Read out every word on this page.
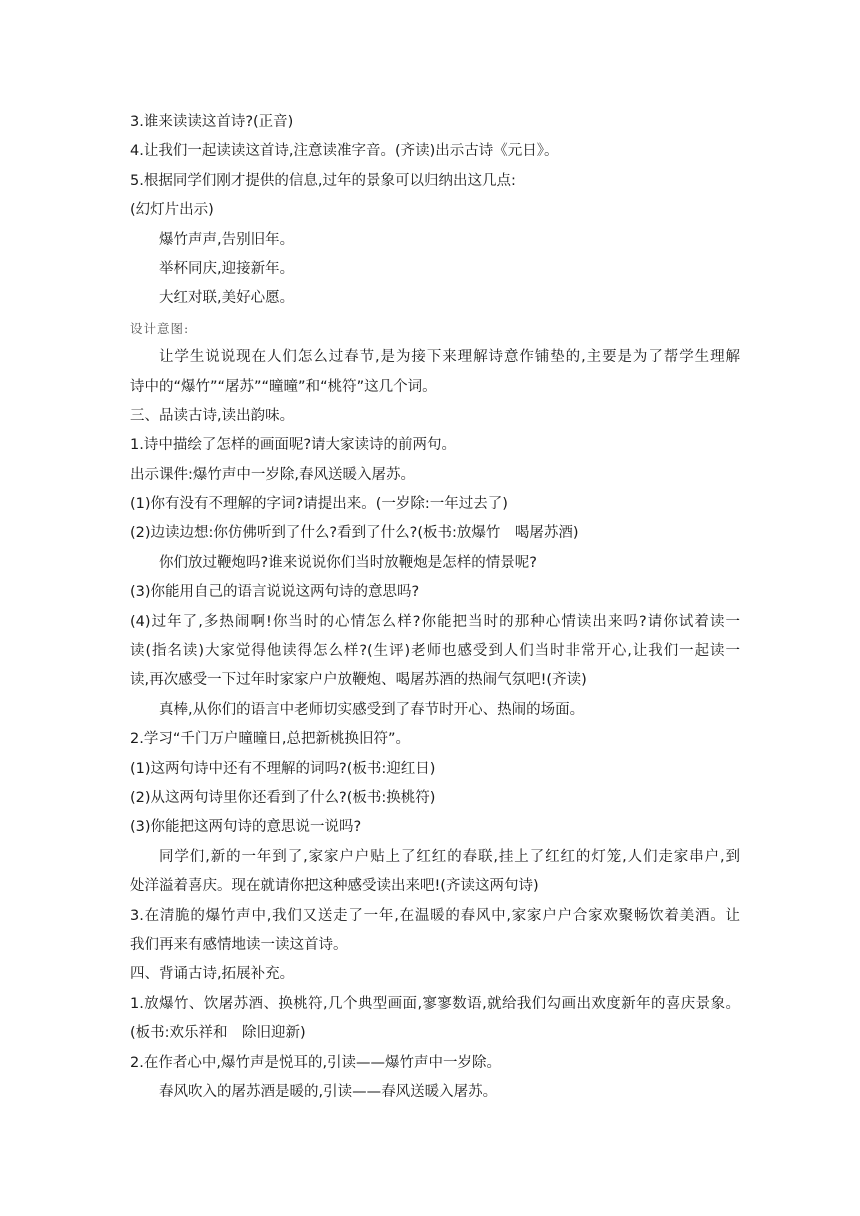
3.谁来读读这首诗?(正音)
4.让我们一起读读这首诗,注意读准字音。(齐读)出示古诗《元日》。
5.根据同学们刚才提供的信息,过年的景象可以归纳出这几点:
(幻灯片出示)
爆竹声声,告别旧年。
举杯同庆,迎接新年。
大红对联,美好心愿。
设计意图:
让学生说说现在人们怎么过春节,是为接下来理解诗意作铺垫的,主要是为了帮学生理解
诗中的“爆竹”“屠苏”“曈曈”和“桃符”这几个词。
三、品读古诗,读出韵味。
1.诗中描绘了怎样的画面呢?请大家读诗的前两句。
出示课件:爆竹声中一岁除,春风送暖入屠苏。
(1)你有没有不理解的字词?请提出来。(一岁除:一年过去了)
(2)边读边想:你仿佛听到了什么?看到了什么?(板书:放爆竹　喝屠苏酒)
你们放过鞭炮吗?谁来说说你们当时放鞭炮是怎样的情景呢?
(3)你能用自己的语言说说这两句诗的意思吗?
(4)过年了,多热闹啊!你当时的心情怎么样?你能把当时的那种心情读出来吗?请你试着读一
读(指名读)大家觉得他读得怎么样?(生评)老师也感受到人们当时非常开心,让我们一起读一
读,再次感受一下过年时家家户户放鞭炮、喝屠苏酒的热闹气氛吧!(齐读)
真棒,从你们的语言中老师切实感受到了春节时开心、热闹的场面。
2.学习“千门万户曈曈日,总把新桃换旧符”。
(1)这两句诗中还有不理解的词吗?(板书:迎红日)
(2)从这两句诗里你还看到了什么?(板书:换桃符)
(3)你能把这两句诗的意思说一说吗?
同学们,新的一年到了,家家户户贴上了红红的春联,挂上了红红的灯笼,人们走家串户,到
处洋溢着喜庆。现在就请你把这种感受读出来吧!(齐读这两句诗)
3.在清脆的爆竹声中,我们又送走了一年,在温暖的春风中,家家户户合家欢聚畅饮着美酒。让
我们再来有感情地读一读这首诗。
四、背诵古诗,拓展补充。
1.放爆竹、饮屠苏酒、换桃符,几个典型画面,寥寥数语,就给我们勾画出欢度新年的喜庆景象。
(板书:欢乐祥和　除旧迎新)
2.在作者心中,爆竹声是悦耳的,引读——爆竹声中一岁除。
春风吹入的屠苏酒是暖的,引读——春风送暖入屠苏。
